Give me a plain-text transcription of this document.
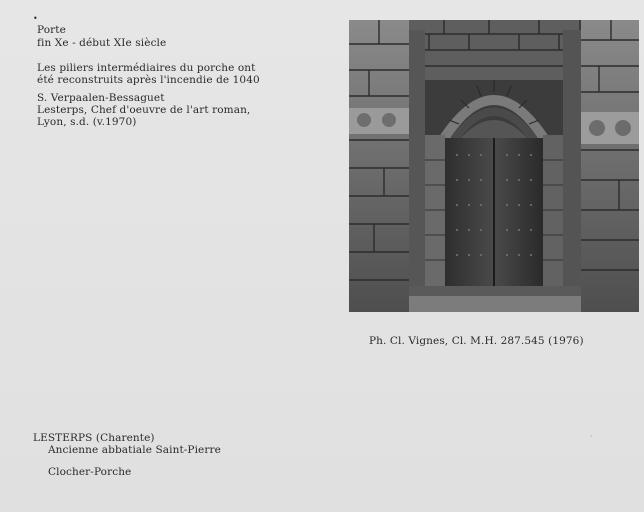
•
Porte
fin Xe - début XIe siècle
Les piliers intermédiaires du porche ont
été reconstruits après l'incendie de 1040
S. Verpaalen-Bessaguet
Lesterps, Chef d'oeuvre de l'art roman,
Lyon, s.d. (v.1970)
Ph. Cl. Vignes, Cl. M.H. 287.545 (1976)
LESTERPS (Charente)
Ancienne abbatiale Saint-Pierre
Clocher-Porche
·
